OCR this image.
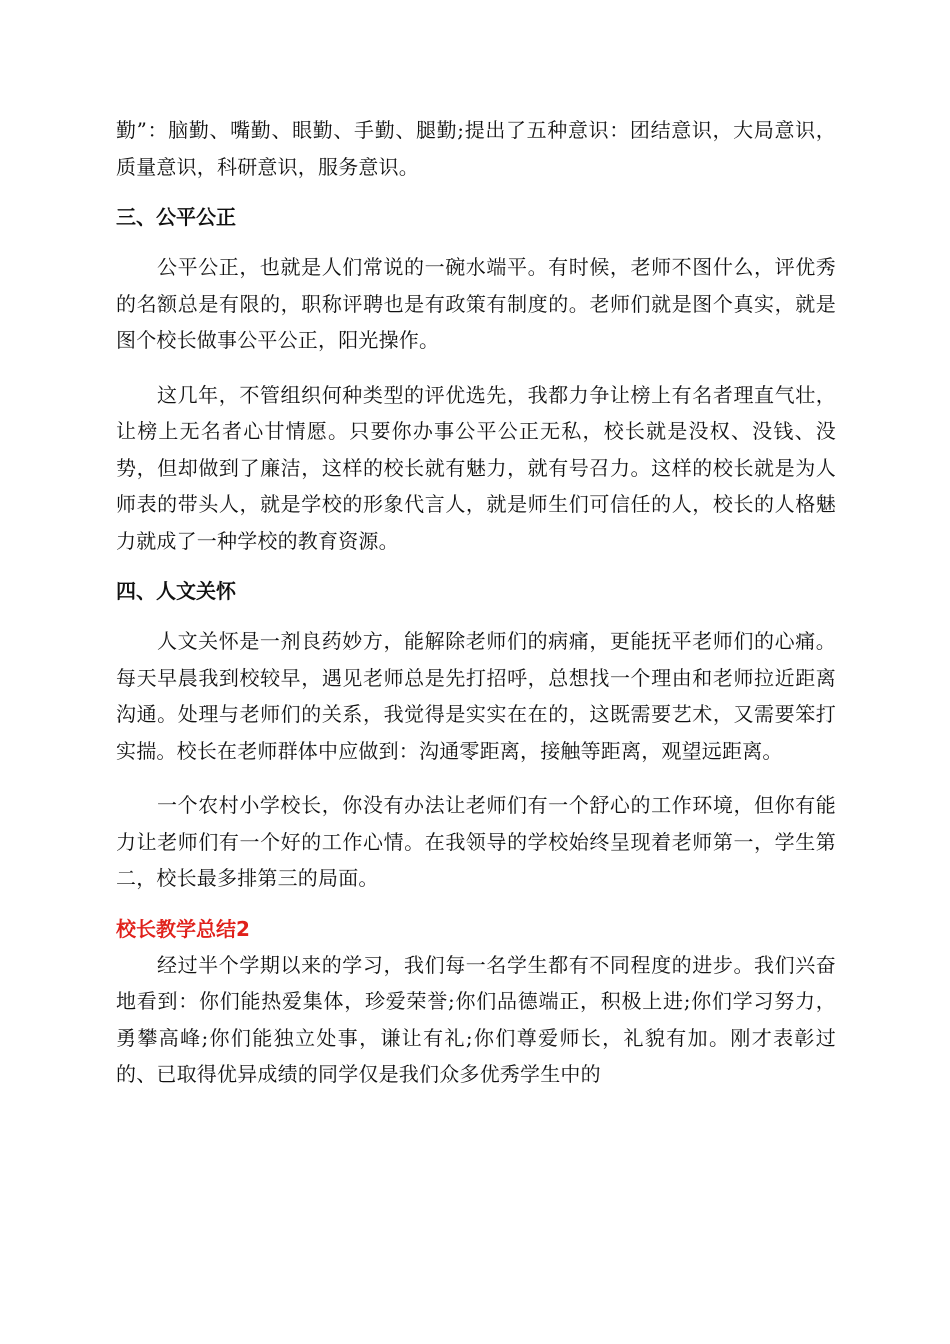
勤”：脑勤、嘴勤、眼勤、手勤、腿勤;提出了五种意识：团结意识，大局意识，质量意识，科研意识，服务意识。

三、公平公正

公平公正，也就是人们常说的一碗水端平。有时候，老师不图什么，评优秀的名额总是有限的，职称评聘也是有政策有制度的。老师们就是图个真实，就是图个校长做事公平公正，阳光操作。

这几年，不管组织何种类型的评优选先，我都力争让榜上有名者理直气壮，让榜上无名者心甘情愿。只要你办事公平公正无私，校长就是没权、没钱、没势，但却做到了廉洁，这样的校长就有魅力，就有号召力。这样的校长就是为人师表的带头人，就是学校的形象代言人，就是师生们可信任的人，校长的人格魅力就成了一种学校的教育资源。

四、人文关怀

人文关怀是一剂良药妙方，能解除老师们的病痛，更能抚平老师们的心痛。每天早晨我到校较早，遇见老师总是先打招呼，总想找一个理由和老师拉近距离沟通。处理与老师们的关系，我觉得是实实在在的，这既需要艺术，又需要笨打实揣。校长在老师群体中应做到：沟通零距离，接触等距离，观望远距离。

一个农村小学校长，你没有办法让老师们有一个舒心的工作环境，但你有能力让老师们有一个好的工作心情。在我领导的学校始终呈现着老师第一，学生第二，校长最多排第三的局面。

校长教学总结2

经过半个学期以来的学习，我们每一名学生都有不同程度的进步。我们兴奋地看到：你们能热爱集体，珍爱荣誉;你们品德端正，积极上进;你们学习努力，勇攀高峰;你们能独立处事，谦让有礼;你们尊爱师长，礼貌有加。刚才表彰过的、已取得优异成绩的同学仅是我们众多优秀学生中的
